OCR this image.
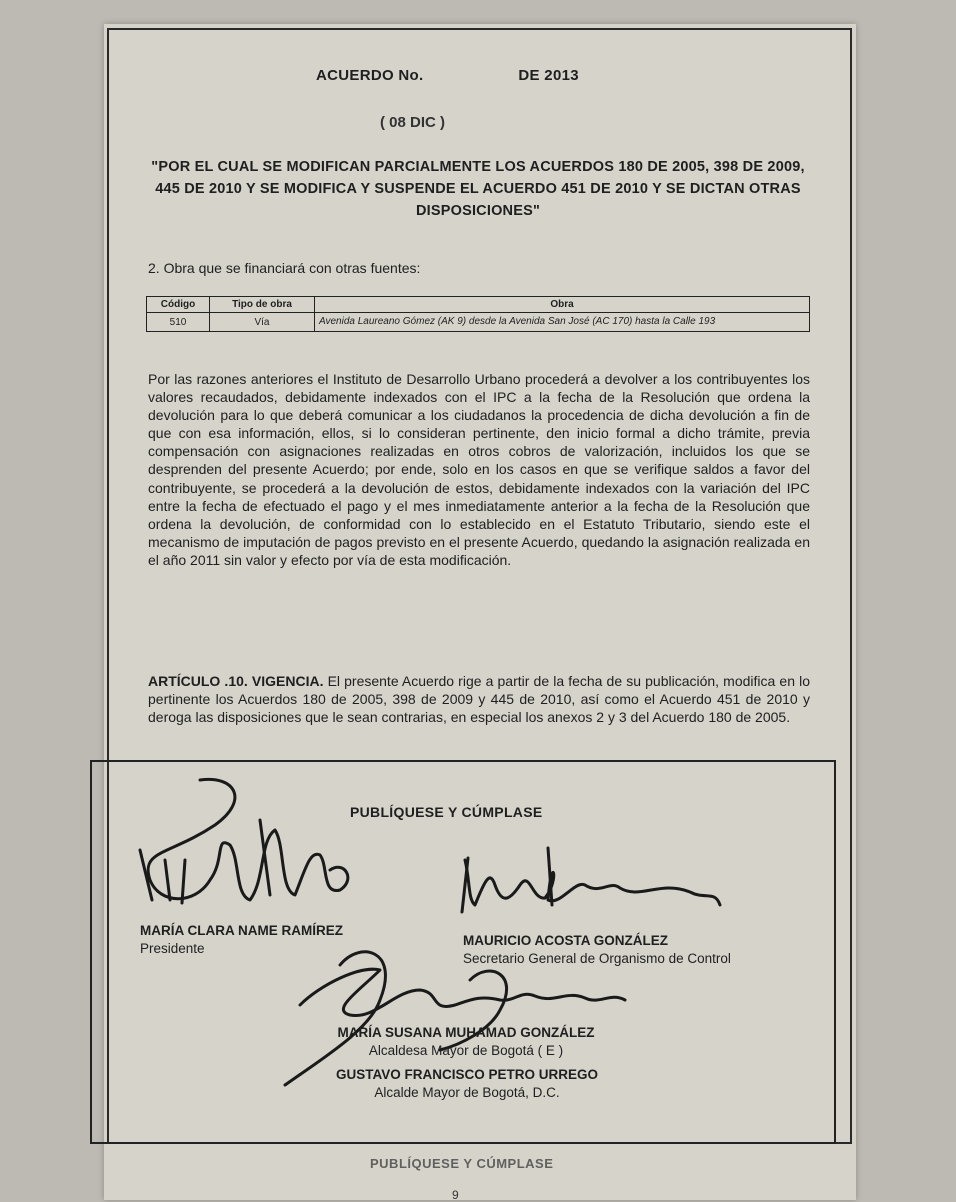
ACUERDO No.	DE 2013
( 08 DIC )
"POR EL CUAL SE MODIFICAN PARCIALMENTE LOS ACUERDOS 180 DE 2005, 398 DE 2009, 445 DE 2010 Y SE MODIFICA Y SUSPENDE EL ACUERDO 451 DE 2010 Y SE DICTAN OTRAS DISPOSICIONES"
2. Obra que se financiará con otras fuentes:
Código	Tipo de obra	Obra
510	Vía	Avenida Laureano Gómez (AK 9) desde la Avenida San José (AC 170) hasta la Calle 193
Por las razones anteriores el Instituto de Desarrollo Urbano procederá a devolver a los contribuyentes los valores recaudados, debidamente indexados con el IPC a la fecha de la Resolución que ordena la devolución para lo que deberá comunicar a los ciudadanos la procedencia de dicha devolución a fin de que con esa información, ellos, si lo consideran pertinente, den inicio formal a dicho trámite, previa compensación con asignaciones realizadas en otros cobros de valorización, incluidos los que se desprenden del presente Acuerdo; por ende, solo en los casos en que se verifique saldos a favor del contribuyente, se procederá a la devolución de estos, debidamente indexados con la variación del IPC entre la fecha de efectuado el pago y el mes inmediatamente anterior a la fecha de la Resolución que ordena la devolución, de conformidad con lo establecido en el Estatuto Tributario, siendo este el mecanismo de imputación de pagos previsto en el presente Acuerdo, quedando la asignación realizada en el año 2011 sin valor y efecto por vía de esta modificación.
ARTÍCULO .10. VIGENCIA. El presente Acuerdo rige a partir de la fecha de su publicación, modifica en lo pertinente los Acuerdos 180 de 2005, 398 de 2009 y 445 de 2010, así como el Acuerdo 451 de 2010 y deroga las disposiciones que le sean contrarias, en especial los anexos 2 y 3 del Acuerdo 180 de 2005.
PUBLÍQUESE Y CÚMPLASE
MARÍA CLARA NAME RAMÍREZ
Presidente
MAURICIO ACOSTA GONZÁLEZ
Secretario General de Organismo de Control
MARÍA SUSANA MUHAMAD GONZÁLEZ
Alcaldesa Mayor de Bogotá ( E )
GUSTAVO FRANCISCO PETRO URREGO
Alcalde Mayor de Bogotá, D.C.
PUBLÍQUESE Y CÚMPLASE
9
